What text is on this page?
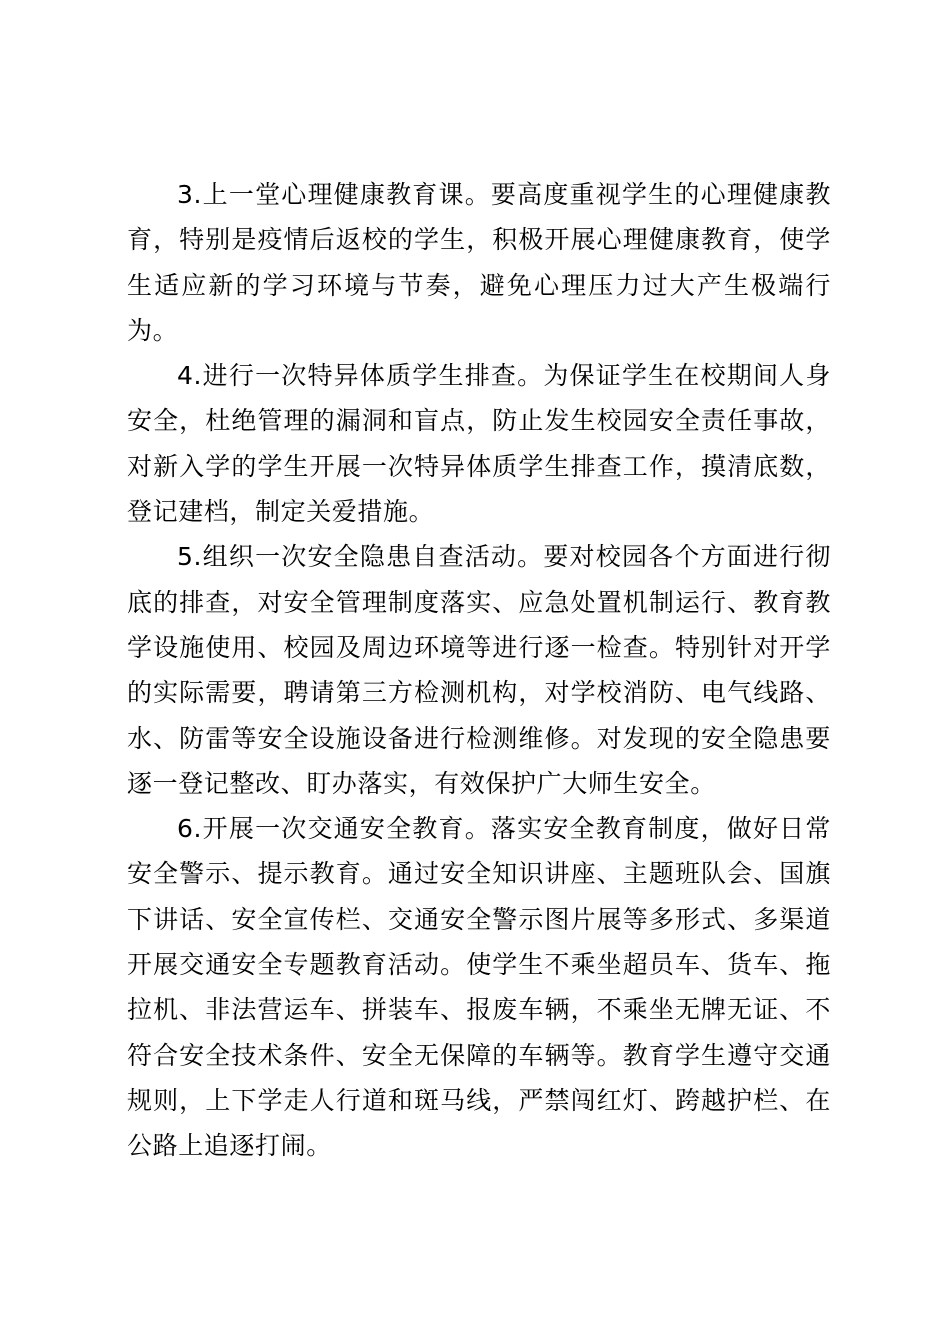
3.上一堂心理健康教育课。要高度重视学生的心理健康教育，特别是疫情后返校的学生，积极开展心理健康教育，使学生适应新的学习环境与节奏，避免心理压力过大产生极端行为。

4.进行一次特异体质学生排查。为保证学生在校期间人身安全，杜绝管理的漏洞和盲点，防止发生校园安全责任事故，对新入学的学生开展一次特异体质学生排查工作，摸清底数，登记建档，制定关爱措施。

5.组织一次安全隐患自查活动。要对校园各个方面进行彻底的排查，对安全管理制度落实、应急处置机制运行、教育教学设施使用、校园及周边环境等进行逐一检查。特别针对开学的实际需要，聘请第三方检测机构，对学校消防、电气线路、水、防雷等安全设施设备进行检测维修。对发现的安全隐患要逐一登记整改、盯办落实，有效保护广大师生安全。

6.开展一次交通安全教育。落实安全教育制度，做好日常安全警示、提示教育。通过安全知识讲座、主题班队会、国旗下讲话、安全宣传栏、交通安全警示图片展等多形式、多渠道开展交通安全专题教育活动。使学生不乘坐超员车、货车、拖拉机、非法营运车、拼装车、报废车辆，不乘坐无牌无证、不符合安全技术条件、安全无保障的车辆等。教育学生遵守交通规则，上下学走人行道和斑马线，严禁闯红灯、跨越护栏、在公路上追逐打闹。
